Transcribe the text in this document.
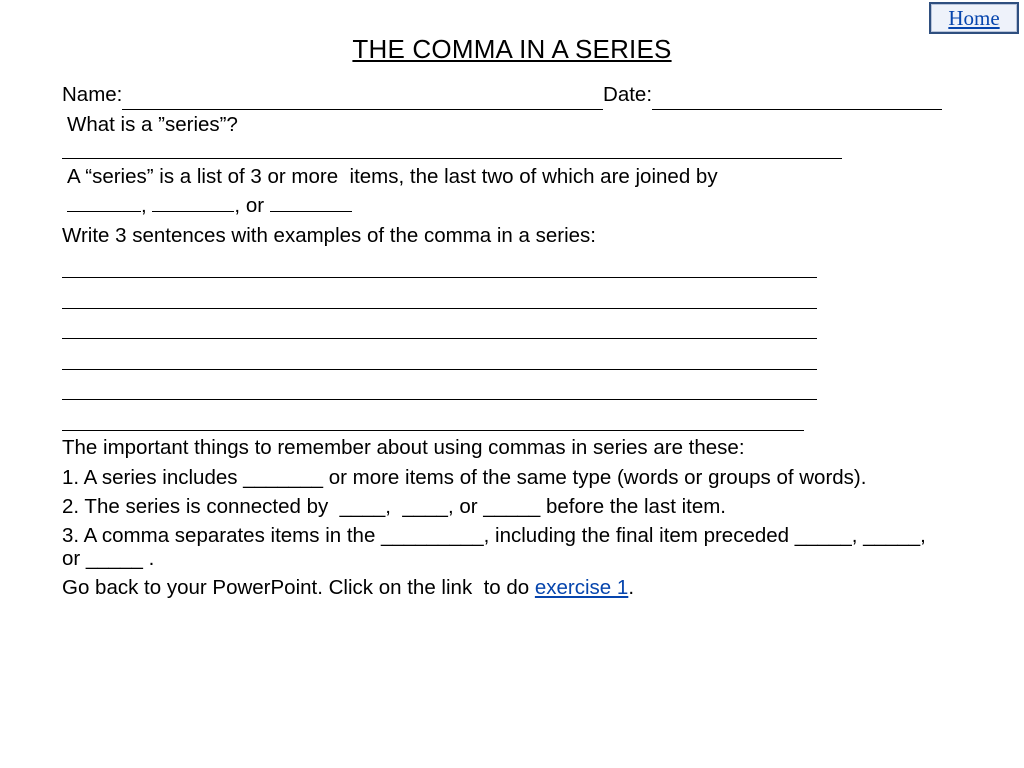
Home
THE COMMA IN A SERIES
Name:	Date:
What is a ”series”?
A “series” is a list of 3 or more  items, the last two of which are joined by
,	, or
Write 3 sentences with examples of the comma in a series:
The important things to remember about using commas in series are these:
1. A series includes _______ or more items of the same type (words or groups of words).
2. The series is connected by  ____,  ____, or _____ before the last item.
3. A comma separates items in the _________, including the final item preceded _____, _____, or _____ .
Go back to your PowerPoint. Click on the link  to do exercise 1.
